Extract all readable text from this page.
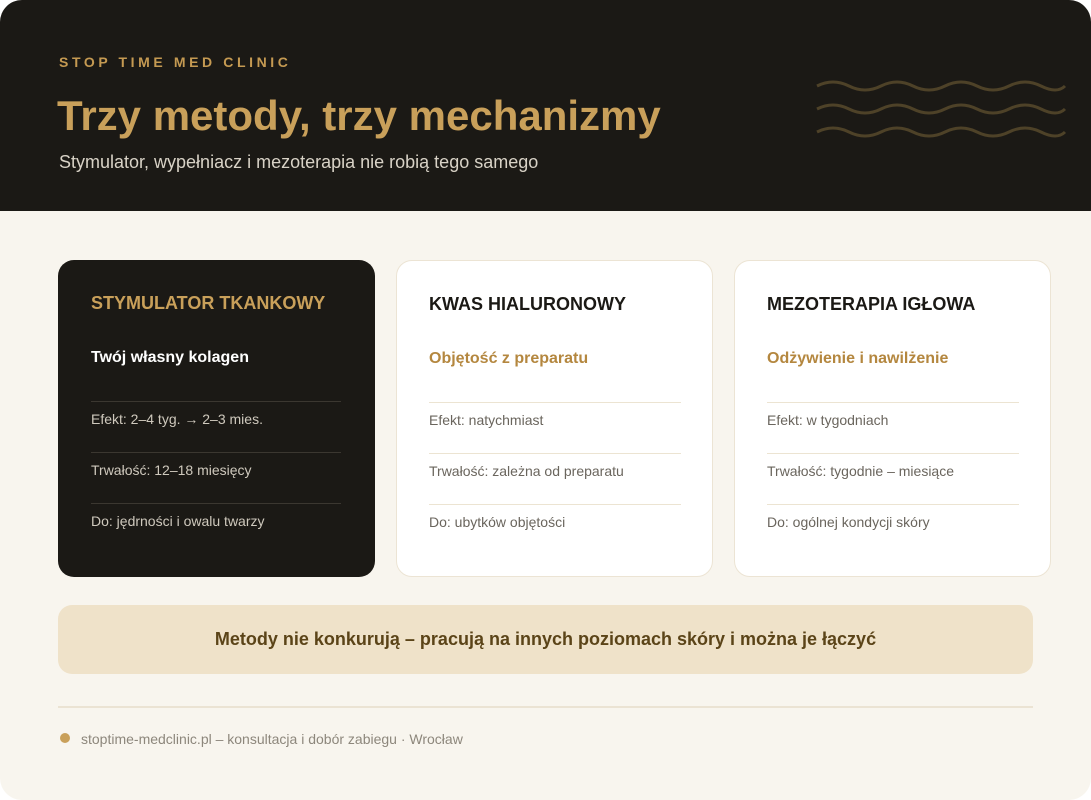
STOP TIME MED CLINIC
Trzy metody, trzy mechanizmy
Stymulator, wypełniacz i mezoterapia nie robią tego samego
STYMULATOR TKANKOWY
Twój własny kolagen
Efekt: 2–4 tyg. → 2–3 mies.
Trwałość: 12–18 miesięcy
Do: jędrności i owalu twarzy
KWAS HIALURONOWY
Objętość z preparatu
Efekt: natychmiast
Trwałość: zależna od preparatu
Do: ubytków objętości
MEZOTERAPIA IGŁOWA
Odżywienie i nawilżenie
Efekt: w tygodniach
Trwałość: tygodnie – miesiące
Do: ogólnej kondycji skóry
Metody nie konkurują – pracują na innych poziomach skóry i można je łączyć
stoptime-medclinic.pl – konsultacja i dobór zabiegu · Wrocław
